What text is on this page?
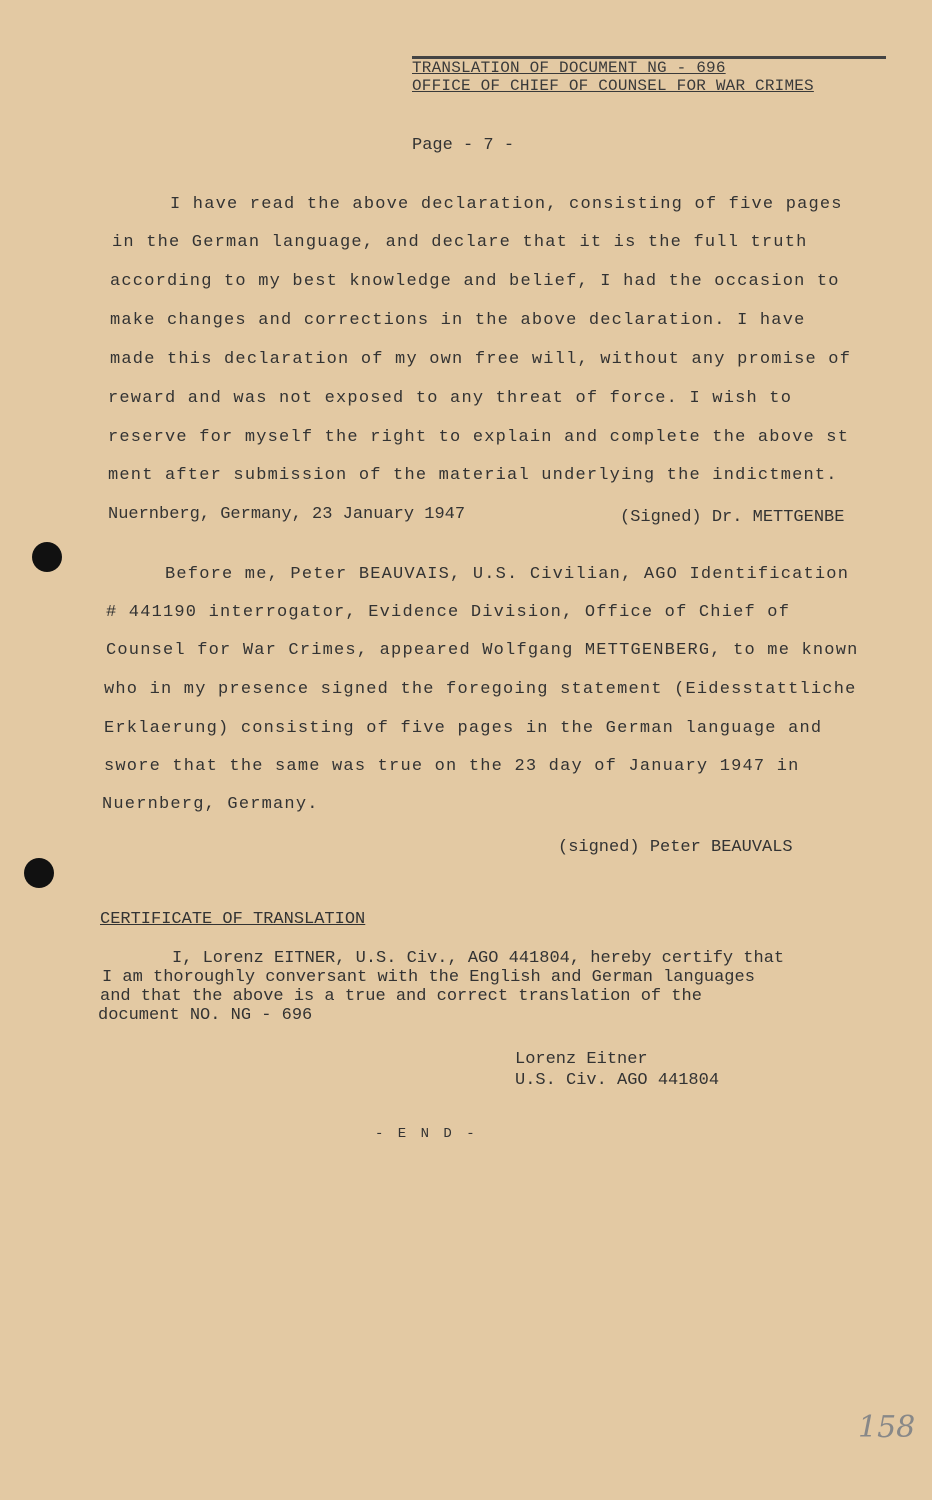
TRANSLATION OF DOCUMENT NG - 696
OFFICE OF CHIEF OF COUNSEL FOR WAR CRIMES
Page - 7 -
I have read the above declaration, consisting of five pages
in the German language, and declare that it is the full truth
according to my best knowledge and belief, I had the occasion to
make changes and corrections in the above declaration. I have
made this declaration of my own free will, without any promise of
reward and was not exposed to any threat of force. I wish to
reserve for myself the right to explain and complete the above st
ment after submission of the material underlying the indictment.
Nuernberg, Germany, 23 January 1947	(Signed) Dr. METTGENBE
Before me, Peter BEAUVAIS, U.S. Civilian, AGO Identification
# 441190 interrogator, Evidence Division, Office of Chief of
Counsel for War Crimes, appeared Wolfgang METTGENBERG, to me known
who in my presence signed the foregoing statement (Eidesstattliche
Erklaerung) consisting of five pages in the German language and
swore that the same was true on the 23 day of January 1947 in
Nuernberg, Germany.
(signed) Peter BEAUVALS
CERTIFICATE OF TRANSLATION
I, Lorenz EITNER, U.S. Civ., AGO 441804, hereby certify that
I am thoroughly conversant with the English and German languages
and that the above is a true and correct translation of the
document NO. NG - 696
Lorenz Eitner
U.S. Civ. AGO 441804
- E N D -
158
